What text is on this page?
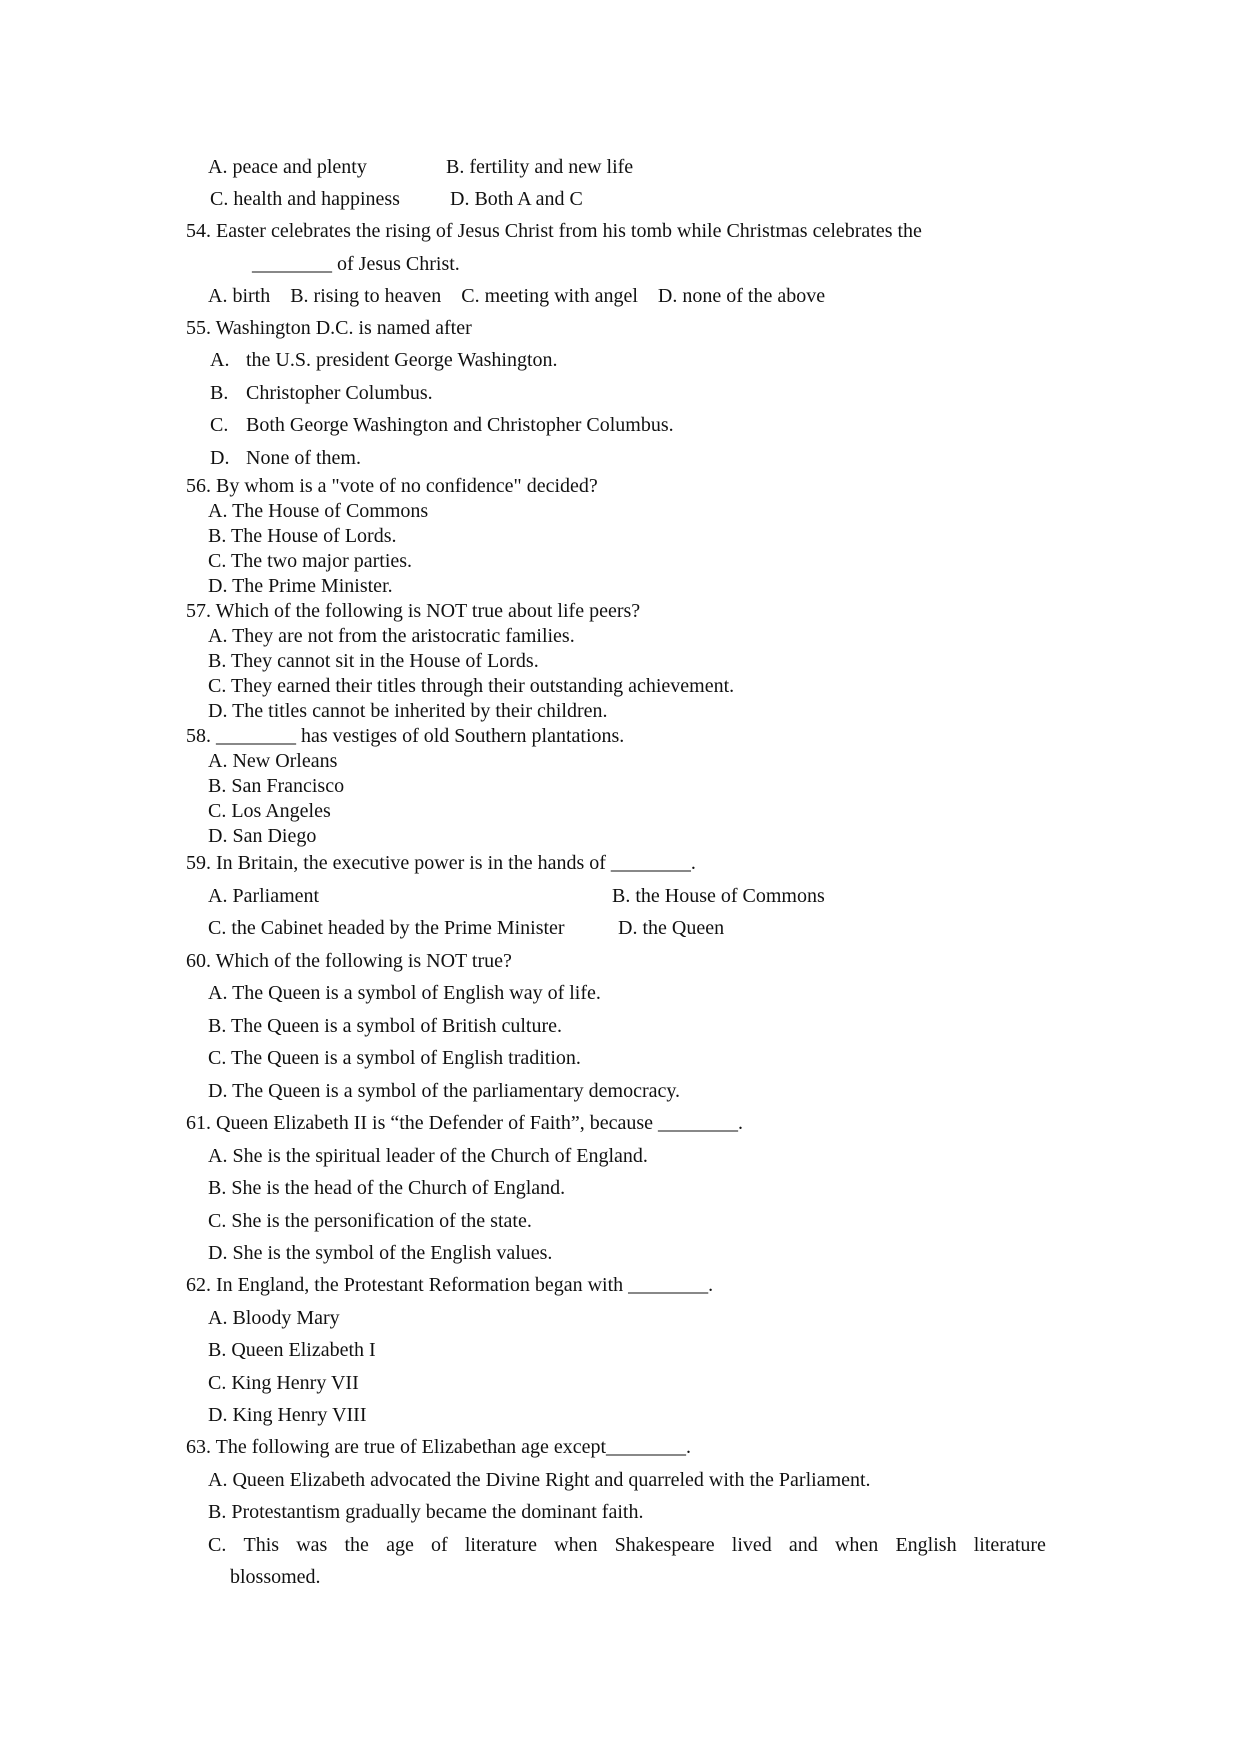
A. peace and plenty	B. fertility and new life
C. health and happiness	D. Both A and C
54. Easter celebrates the rising of Jesus Christ from his tomb while Christmas celebrates the
________ of Jesus Christ.
A. birth    B. rising to heaven    C. meeting with angel    D. none of the above
55. Washington D.C. is named after
A. the U.S. president George Washington.
B. Christopher Columbus.
C. Both George Washington and Christopher Columbus.
D. None of them.
56. By whom is a "vote of no confidence" decided?
A. The House of Commons
B. The House of Lords.
C. The two major parties.
D. The Prime Minister.
57. Which of the following is NOT true about life peers?
A. They are not from the aristocratic families.
B. They cannot sit in the House of Lords.
C. They earned their titles through their outstanding achievement.
D. The titles cannot be inherited by their children.
58. ________ has vestiges of old Southern plantations.
A. New Orleans
B. San Francisco
C. Los Angeles
D. San Diego
59. In Britain, the executive power is in the hands of ________.
A. Parliament	B. the House of Commons
C. the Cabinet headed by the Prime Minister	D. the Queen
60. Which of the following is NOT true?
A. The Queen is a symbol of English way of life.
B. The Queen is a symbol of British culture.
C. The Queen is a symbol of English tradition.
D. The Queen is a symbol of the parliamentary democracy.
61. Queen Elizabeth II is “the Defender of Faith”, because ________.
A. She is the spiritual leader of the Church of England.
B. She is the head of the Church of England.
C. She is the personification of the state.
D. She is the symbol of the English values.
62. In England, the Protestant Reformation began with ________.
A. Bloody Mary
B. Queen Elizabeth I
C. King Henry VII
D. King Henry VIII
63. The following are true of Elizabethan age except________.
A. Queen Elizabeth advocated the Divine Right and quarreled with the Parliament.
B. Protestantism gradually became the dominant faith.
C. This was the age of literature when Shakespeare lived and when English literature
blossomed.
